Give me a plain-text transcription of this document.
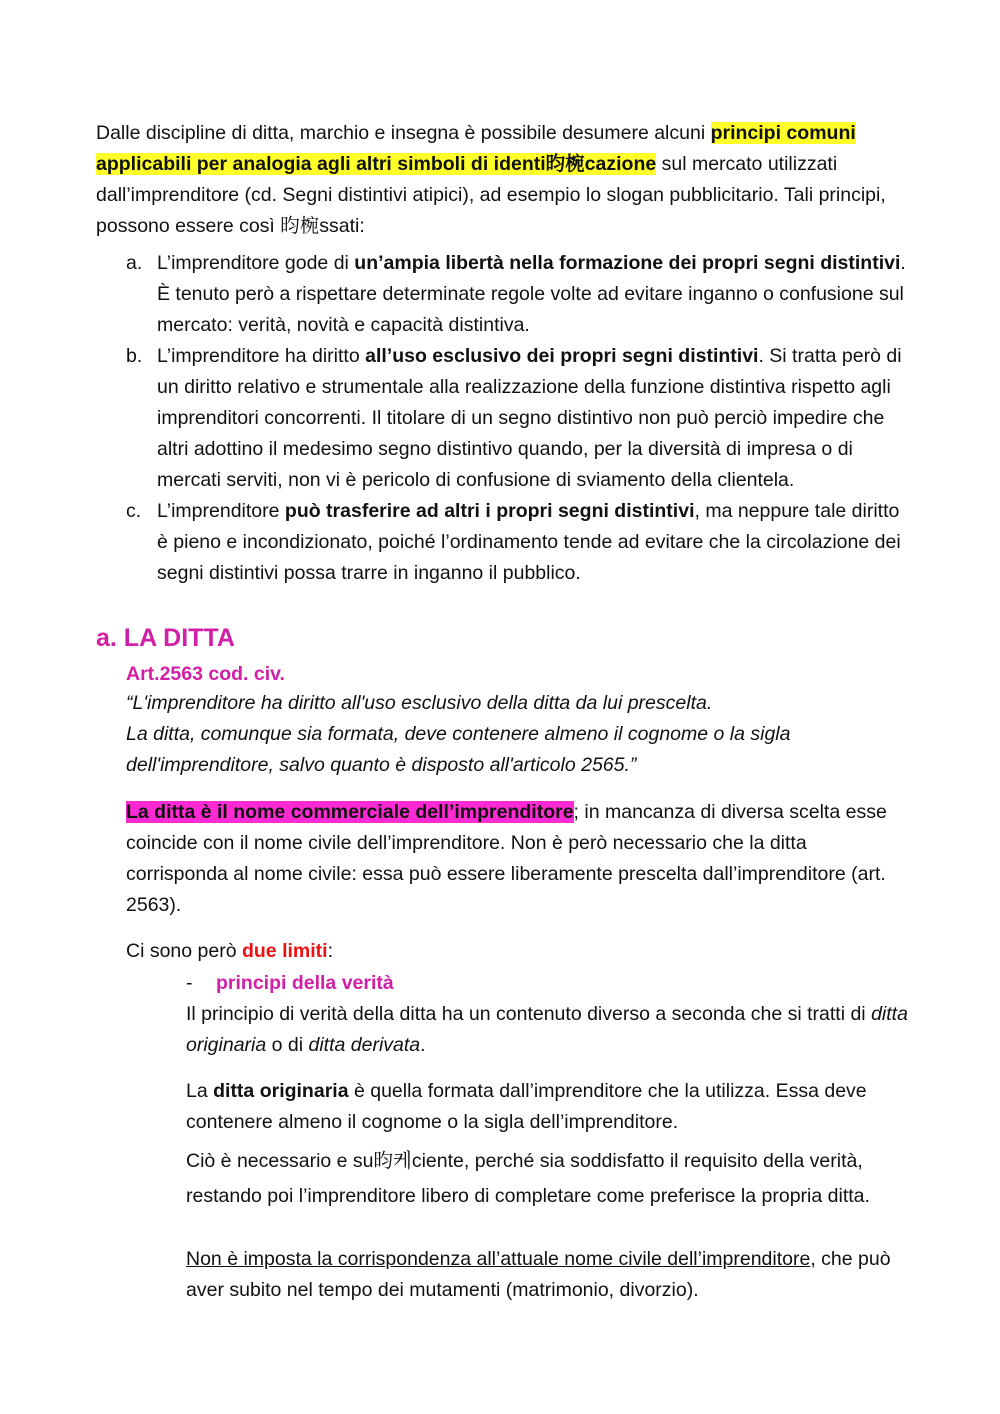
Dalle discipline di ditta, marchio e insegna è possibile desumere alcuni principi comuni applicabili per analogia agli altri simboli di identi昀椀cazione sul mercato utilizzati dall’imprenditore (cd. Segni distintivi atipici), ad esempio lo slogan pubblicitario. Tali principi, possono essere così 昀椀ssati:

a. L’imprenditore gode di un’ampia libertà nella formazione dei propri segni distintivi. È tenuto però a rispettare determinate regole volte ad evitare inganno o confusione sul mercato: verità, novità e capacità distintiva.
b. L’imprenditore ha diritto all’uso esclusivo dei propri segni distintivi. Si tratta però di un diritto relativo e strumentale alla realizzazione della funzione distintiva rispetto agli imprenditori concorrenti. Il titolare di un segno distintivo non può perciò impedire che altri adottino il medesimo segno distintivo quando, per la diversità di impresa o di mercati serviti, non vi è pericolo di confusione di sviamento della clientela.
c. L’imprenditore può trasferire ad altri i propri segni distintivi, ma neppure tale diritto è pieno e incondizionato, poiché l’ordinamento tende ad evitare che la circolazione dei segni distintivi possa trarre in inganno il pubblico.
a. LA DITTA

Art.2563 cod. civ.

“L'imprenditore ha diritto all'uso esclusivo della ditta da lui prescelta.
La ditta, comunque sia formata, deve contenere almeno il cognome o la sigla
dell'imprenditore, salvo quanto è disposto all'articolo 2565.”

La ditta è il nome commerciale dell’imprenditore; in mancanza di diversa scelta esse coincide con il nome civile dell’imprenditore. Non è però necessario che la ditta corrisponda al nome civile: essa può essere liberamente prescelta dall’imprenditore (art. 2563).

Ci sono però due limiti:

- principi della verità

Il principio di verità della ditta ha un contenuto diverso a seconda che si tratti di ditta originaria o di ditta derivata.

La ditta originaria è quella formata dall’imprenditore che la utilizza. Essa deve contenere almeno il cognome o la sigla dell’imprenditore.

Ciò è necessario e su昀케ciente, perché sia soddisfatto il requisito della verità,

restando poi l’imprenditore libero di completare come preferisce la propria ditta.

Non è imposta la corrispondenza all’attuale nome civile dell’imprenditore, che può aver subito nel tempo dei mutamenti (matrimonio, divorzio).
